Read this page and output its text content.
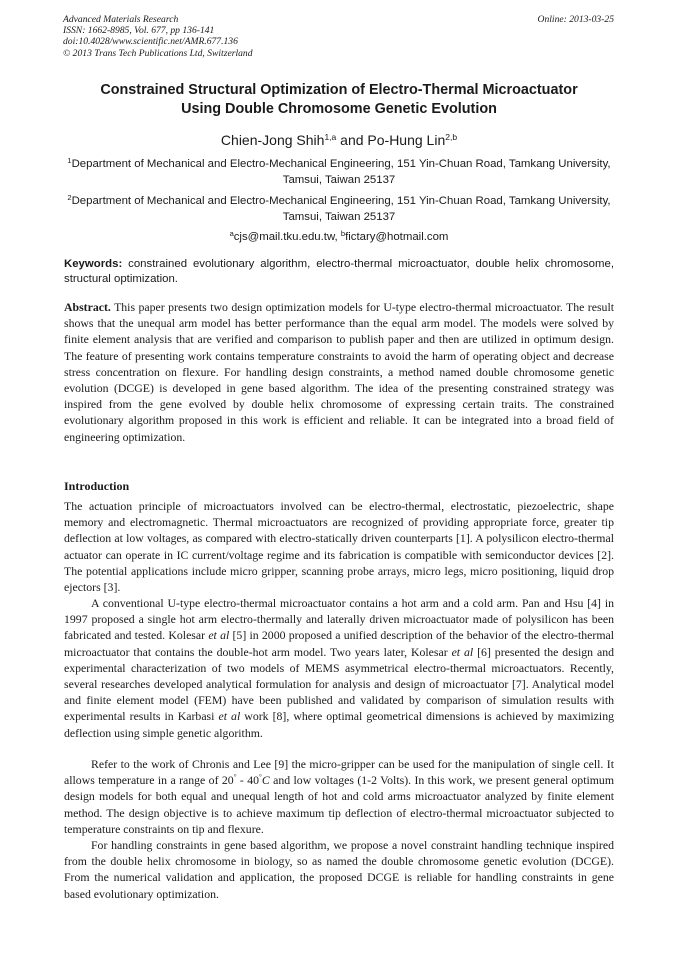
Advanced Materials Research
ISSN: 1662-8985, Vol. 677, pp 136-141
doi:10.4028/www.scientific.net/AMR.677.136
© 2013 Trans Tech Publications Ltd, Switzerland
Online: 2013-03-25
Constrained Structural Optimization of Electro-Thermal Microactuator
Using Double Chromosome Genetic Evolution
Chien-Jong Shih$^{1,a}$ and Po-Hung Lin$^{2,b}$
$^1$Department of Mechanical and Electro-Mechanical Engineering, 151 Yin-Chuan Road, Tamkang University, Tamsui, Taiwan 25137
$^2$Department of Mechanical and Electro-Mechanical Engineering, 151 Yin-Chuan Road, Tamkang University, Tamsui, Taiwan 25137
$^a$cjs@mail.tku.edu.tw, $^b$fictary@hotmail.com
Keywords: constrained evolutionary algorithm, electro-thermal microactuator, double helix chromosome, structural optimization.
Abstract. This paper presents two design optimization models for U-type electro-thermal microactuator. The result shows that the unequal arm model has better performance than the equal arm model. The models were solved by finite element analysis that are verified and comparison to publish paper and then are utilized in optimum design. The feature of presenting work contains temperature constraints to avoid the harm of operating object and decrease stress concentration on flexure. For handling design constraints, a method named double chromosome genetic evolution (DCGE) is developed in gene based algorithm. The idea of the presenting constrained strategy was inspired from the gene evolved by double helix chromosome of expressing certain traits. The constrained evolutionary algorithm proposed in this work is efficient and reliable. It can be integrated into a broad field of engineering optimization.
Introduction
The actuation principle of microactuators involved can be electro-thermal, electrostatic, piezoelectric, shape memory and electromagnetic. Thermal microactuators are recognized of providing appropriate force, greater tip deflection at low voltages, as compared with electro-statically driven counterparts [1]. A polysilicon electro-thermal actuator can operate in IC current/voltage regime and its fabrication is compatible with semiconductor devices [2]. The potential applications include micro gripper, scanning probe arrays, micro legs, micro positioning, liquid drop ejectors [3].
A conventional U-type electro-thermal microactuator contains a hot arm and a cold arm. Pan and Hsu [4] in 1997 proposed a single hot arm electro-thermally and laterally driven microactuator made of polysilicon has been fabricated and tested. Kolesar et al [5] in 2000 proposed a unified description of the behavior of the electro-thermal microactuator that contains the double-hot arm model. Two years later, Kolesar et al [6] presented the design and experimental characterization of two models of MEMS asymmetrical electro-thermal microactuators. Recently, several researches developed analytical formulation for analysis and design of microactuator [7]. Analytical model and finite element model (FEM) have been published and validated by comparison of simulation results with experimental results in Karbasi et al work [8], where optimal geometrical dimensions is achieved by maximizing deflection using simple genetic algorithm.
Refer to the work of Chronis and Lee [9] the micro-gripper can be used for the manipulation of single cell. It allows temperature in a range of 20° - 40°C and low voltages (1-2 Volts). In this work, we present general optimum design models for both equal and unequal length of hot and cold arms microactuator analyzed by finite element method. The design objective is to achieve maximum tip deflection of electro-thermal microactuator subjected to temperature constraints on tip and flexure.
For handling constraints in gene based algorithm, we propose a novel constraint handling technique inspired from the double helix chromosome in biology, so as named the double chromosome genetic evolution (DCGE). From the numerical validation and application, the proposed DCGE is reliable for handling constraints in gene based evolutionary optimization.
